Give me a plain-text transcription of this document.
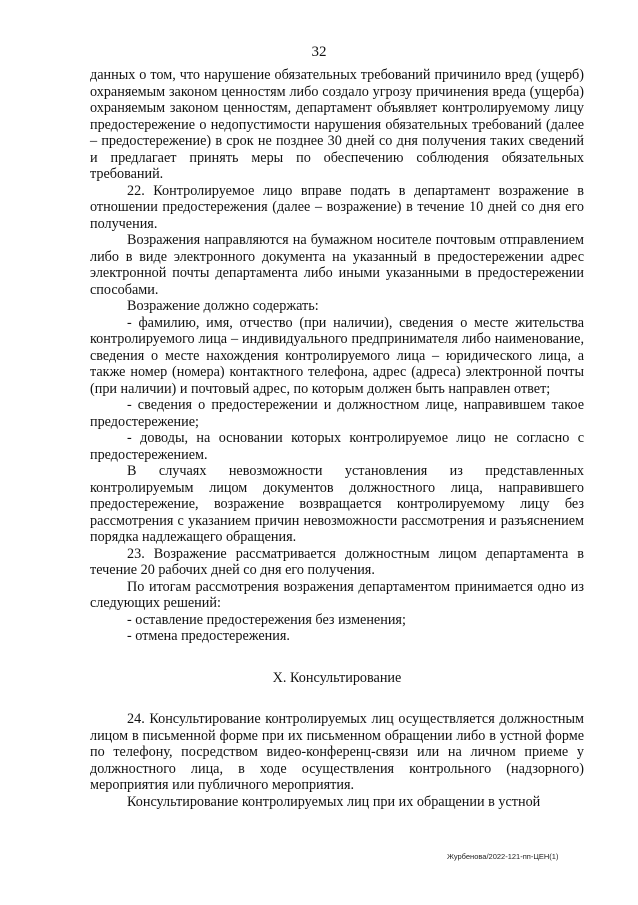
32

данных о том, что нарушение обязательных требований причинило вред (ущерб) охраняемым законом ценностям либо создало угрозу причинения вреда (ущерба) охраняемым законом ценностям, департамент объявляет контролируемому лицу предостережение о недопустимости нарушения обязательных требований (далее – предостережение) в срок не позднее 30 дней со дня получения таких сведений и предлагает принять меры по обеспечению соблюдения обязательных требований.

22. Контролируемое лицо вправе подать в департамент возражение в отношении предостережения (далее – возражение) в течение 10 дней со дня его получения.

Возражения направляются на бумажном носителе почтовым отправлением либо в виде электронного документа на указанный в предостережении адрес электронной почты департамента либо иными указанными в предостережении способами.

Возражение должно содержать:

- фамилию, имя, отчество (при наличии), сведения о месте жительства контролируемого лица – индивидуального предпринимателя либо наименование, сведения о месте нахождения контролируемого лица – юридического лица, а также номер (номера) контактного телефона, адрес (адреса) электронной почты (при наличии) и почтовый адрес, по которым должен быть направлен ответ;

- сведения о предостережении и должностном лице, направившем такое предостережение;

- доводы, на основании которых контролируемое лицо не согласно с предостережением.

В случаях невозможности установления из представленных контролируемым лицом документов должностного лица, направившего предостережение, возражение возвращается контролируемому лицу без рассмотрения с указанием причин невозможности рассмотрения и разъяснением порядка надлежащего обращения.

23. Возражение рассматривается должностным лицом департамента в течение 20 рабочих дней со дня его получения.

По итогам рассмотрения возражения департаментом принимается одно из следующих решений:

- оставление предостережения без изменения;

- отмена предостережения.

X. Консультирование

24. Консультирование контролируемых лиц осуществляется должностным лицом в письменной форме при их письменном обращении либо в устной форме по телефону, посредством видео-конференц-связи или на личном приеме у должностного лица, в ходе осуществления контрольного (надзорного) мероприятия или публичного мероприятия.

Консультирование контролируемых лиц при их обращении в устной

Журбенова/2022-121-пп-ЦЕН(1)
